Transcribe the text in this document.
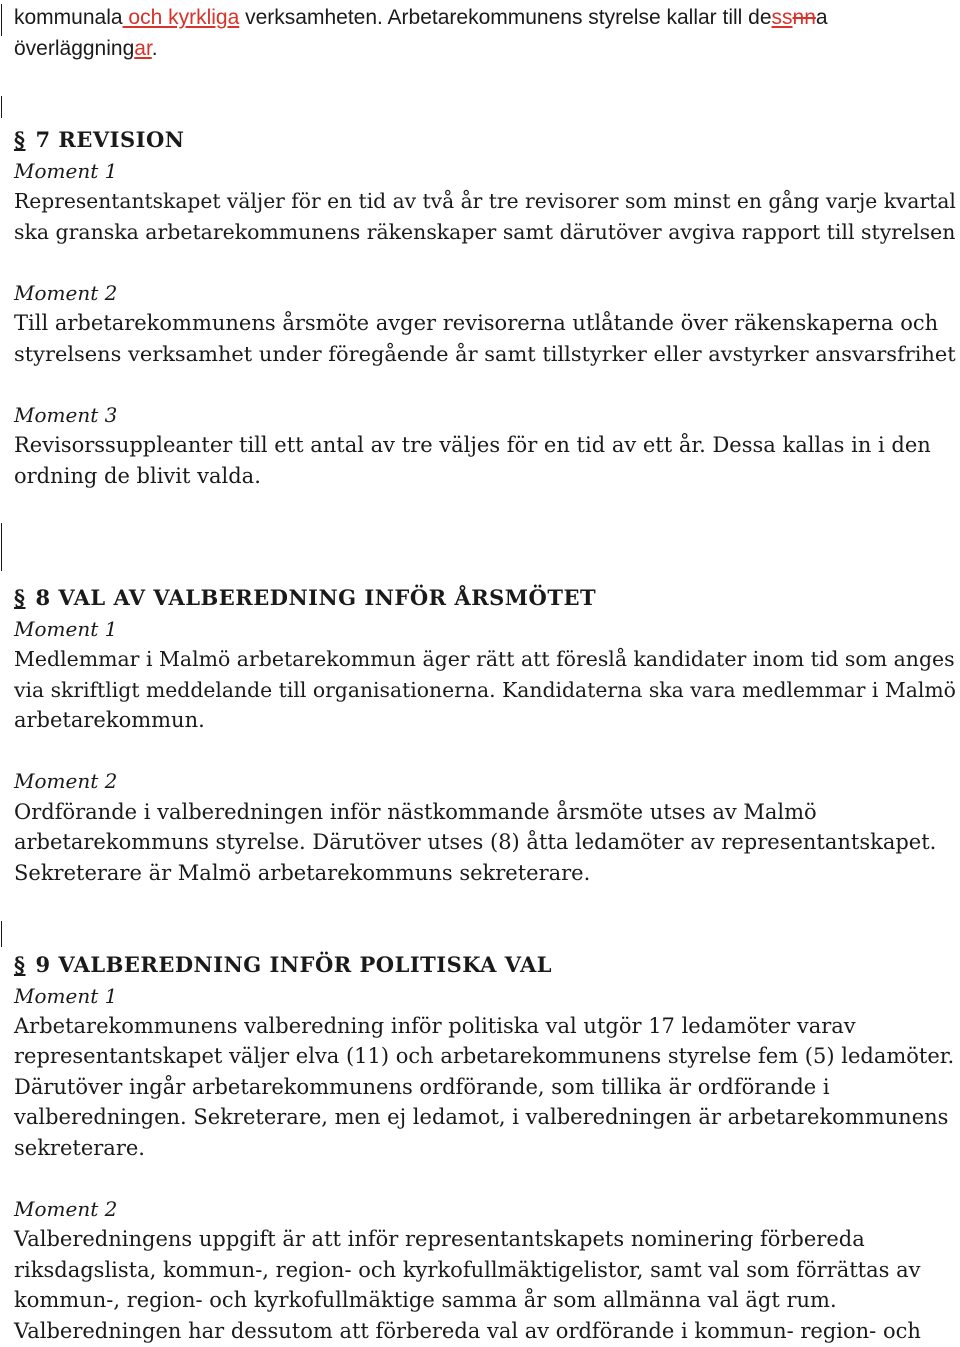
kommunala och kyrkliga verksamheten. Arbetarekommunens styrelse kallar till dessnna
överläggningar.
§ 7 REVISION
Moment 1
Representantskapet väljer för en tid av två år tre revisorer som minst en gång varje kvartal
ska granska arbetarekommunens räkenskaper samt därutöver avgiva rapport till styrelsen
Moment 2
Till arbetarekommunens årsmöte avger revisorerna utlåtande över räkenskaperna och
styrelsens verksamhet under föregående år samt tillstyrker eller avstyrker ansvarsfrihet
Moment 3
Revisorssuppleanter till ett antal av tre väljes för en tid av ett år. Dessa kallas in i den
ordning de blivit valda.
§ 8 VAL AV VALBEREDNING INFÖR ÅRSMÖTET
Moment 1
Medlemmar i Malmö arbetarekommun äger rätt att föreslå kandidater inom tid som anges
via skriftligt meddelande till organisationerna. Kandidaterna ska vara medlemmar i Malmö
arbetarekommun.
Moment 2
Ordförande i valberedningen inför nästkommande årsmöte utses av Malmö
arbetarekommuns styrelse. Därutöver utses (8) åtta ledamöter av representantskapet.
Sekreterare är Malmö arbetarekommuns sekreterare.
§ 9 VALBEREDNING INFÖR POLITISKA VAL
Moment 1
Arbetarekommunens valberedning inför politiska val utgör 17 ledamöter varav
representantskapet väljer elva (11) och arbetarekommunens styrelse fem (5) ledamöter.
Därutöver ingår arbetarekommunens ordförande, som tillika är ordförande i
valberedningen. Sekreterare, men ej ledamot, i valberedningen är arbetarekommunens
sekreterare.
Moment 2
Valberedningens uppgift är att inför representantskapets nominering förbereda
riksdagslista, kommun-, region- och kyrkofullmäktigelistor, samt val som förrättas av
kommun-, region- och kyrkofullmäktige samma år som allmänna val ägt rum.
Valberedningen har dessutom att förbereda val av ordförande i kommun- region- och
